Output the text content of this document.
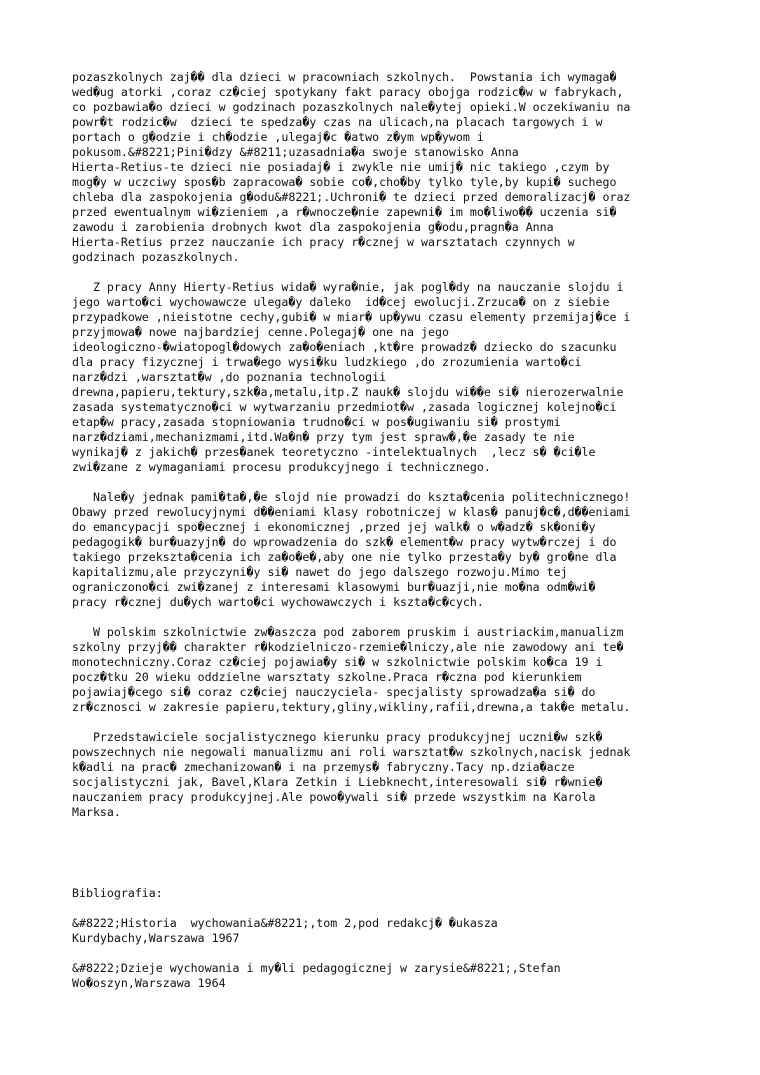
pozaszkolnych zaj�� dla dzieci w pracowniach szkolnych.  Powstania ich wymaga�
wed�ug atorki ,coraz cz�ciej spotykany fakt paracy obojga rodzic�w w fabrykach,
co pozbawia�o dzieci w godzinach pozaszkolnych nale�ytej opieki.W oczekiwaniu na
powr�t rodzic�w  dzieci te spedza�y czas na ulicach,na placach targowych i w
portach o g�odzie i ch�odzie ,ulegaj�c �atwo z�ym wp�ywom i
pokusom.&#8221;Pini�dzy &#8211;uzasadnia�a swoje stanowisko Anna
Hierta-Retius-te dzieci nie posiadaj� i zwykle nie umij� nic takiego ,czym by
mog�y w uczciwy spos�b zapracowa� sobie co�,cho�by tylko tyle,by kupi� suchego
chleba dla zaspokojenia g�odu&#8221;.Uchroni� te dzieci przed demoralizacj� oraz
przed ewentualnym wi�zieniem ,a r�wnocze�nie zapewni� im mo�liwo�� uczenia si�
zawodu i zarobienia drobnych kwot dla zaspokojenia g�odu,pragn�a Anna
Hierta-Retius przez nauczanie ich pracy r�cznej w warsztatach czynnych w
godzinach pozaszkolnych.

Z pracy Anny Hierty-Retius wida� wyra�nie, jak pogl�dy na nauczanie slojdu i
jego warto�ci wychowawcze ulega�y daleko  id�cej ewolucji.Zrzuca� on z siebie
przypadkowe ,nieistotne cechy,gubi� w miar� up�ywu czasu elementy przemijaj�ce i
przyjmowa� nowe najbardziej cenne.Polegaj� one na jego
ideologiczno-�wiatopogl�dowych za�o�eniach ,kt�re prowadz� dziecko do szacunku
dla pracy fizycznej i trwa�ego wysi�ku ludzkiego ,do zrozumienia warto�ci
narz�dzi ,warsztat�w ,do poznania technologii
drewna,papieru,tektury,szk�a,metalu,itp.Z nauk� slojdu wi��e si� nierozerwalnie
zasada systematyczno�ci w wytwarzaniu przedmiot�w ,zasada logicznej kolejno�ci
etap�w pracy,zasada stopniowania trudno�ci w pos�ugiwaniu si� prostymi
narz�dziami,mechanizmami,itd.Wa�n� przy tym jest spraw�,�e zasady te nie
wynikaj� z jakich� przes�anek teoretyczno -intelektualnych  ,lecz s� �ci�le
zwi�zane z wymaganiami procesu produkcyjnego i technicznego.

Nale�y jednak pami�ta�,�e slojd nie prowadzi do kszta�cenia politechnicznego!
Obawy przed rewolucyjnymi d��eniami klasy robotniczej w klas� panuj�c�,d��eniami
do emancypacji spo�ecznej i ekonomicznej ,przed jej walk� o w�adz� sk�oni�y
pedagogik� bur�uazyjn� do wprowadzenia do szk� element�w pracy wytw�rczej i do
takiego przekszta�cenia ich za�o�e�,aby one nie tylko przesta�y by� gro�ne dla
kapitalizmu,ale przyczyni�y si� nawet do jego dalszego rozwoju.Mimo tej
ograniczono�ci zwi�zanej z interesami klasowymi bur�uazji,nie mo�na odm�wi�
pracy r�cznej du�ych warto�ci wychowawczych i kszta�c�cych.

W polskim szkolnictwie zw�aszcza pod zaborem pruskim i austriackim,manualizm
szkolny przyj�� charakter r�kodzielniczo-rzemie�lniczy,ale nie zawodowy ani te�
monotechniczny.Coraz cz�ciej pojawia�y si� w szkolnictwie polskim ko�ca 19 i
pocz�tku 20 wieku oddzielne warsztaty szkolne.Praca r�czna pod kierunkiem
pojawiaj�cego si� coraz cz�ciej nauczyciela- specjalisty sprowadza�a si� do
zr�cznosci w zakresie papieru,tektury,gliny,wikliny,rafii,drewna,a tak�e metalu.

Przedstawiciele socjalistycznego kierunku pracy produkcyjnej uczni�w szk�
powszechnych nie negowali manualizmu ani roli warsztat�w szkolnych,nacisk jednak
k�adli na prac� zmechanizowan� i na przemys� fabryczny.Tacy np.dzia�acze
socjalistyczni jak, Bavel,Klara Zetkin i Liebknecht,interesowali si� r�wnie�
nauczaniem pracy produkcyjnej.Ale powo�ywali si� przede wszystkim na Karola
Marksa.

Bibliografia:

&#8222;Historia  wychowania&#8221;,tom 2,pod redakcj� �ukasza
Kurdybachy,Warszawa 1967

&#8222;Dzieje wychowania i my�li pedagogicznej w zarysie&#8221;,Stefan
Wo�oszyn,Warszawa 1964
